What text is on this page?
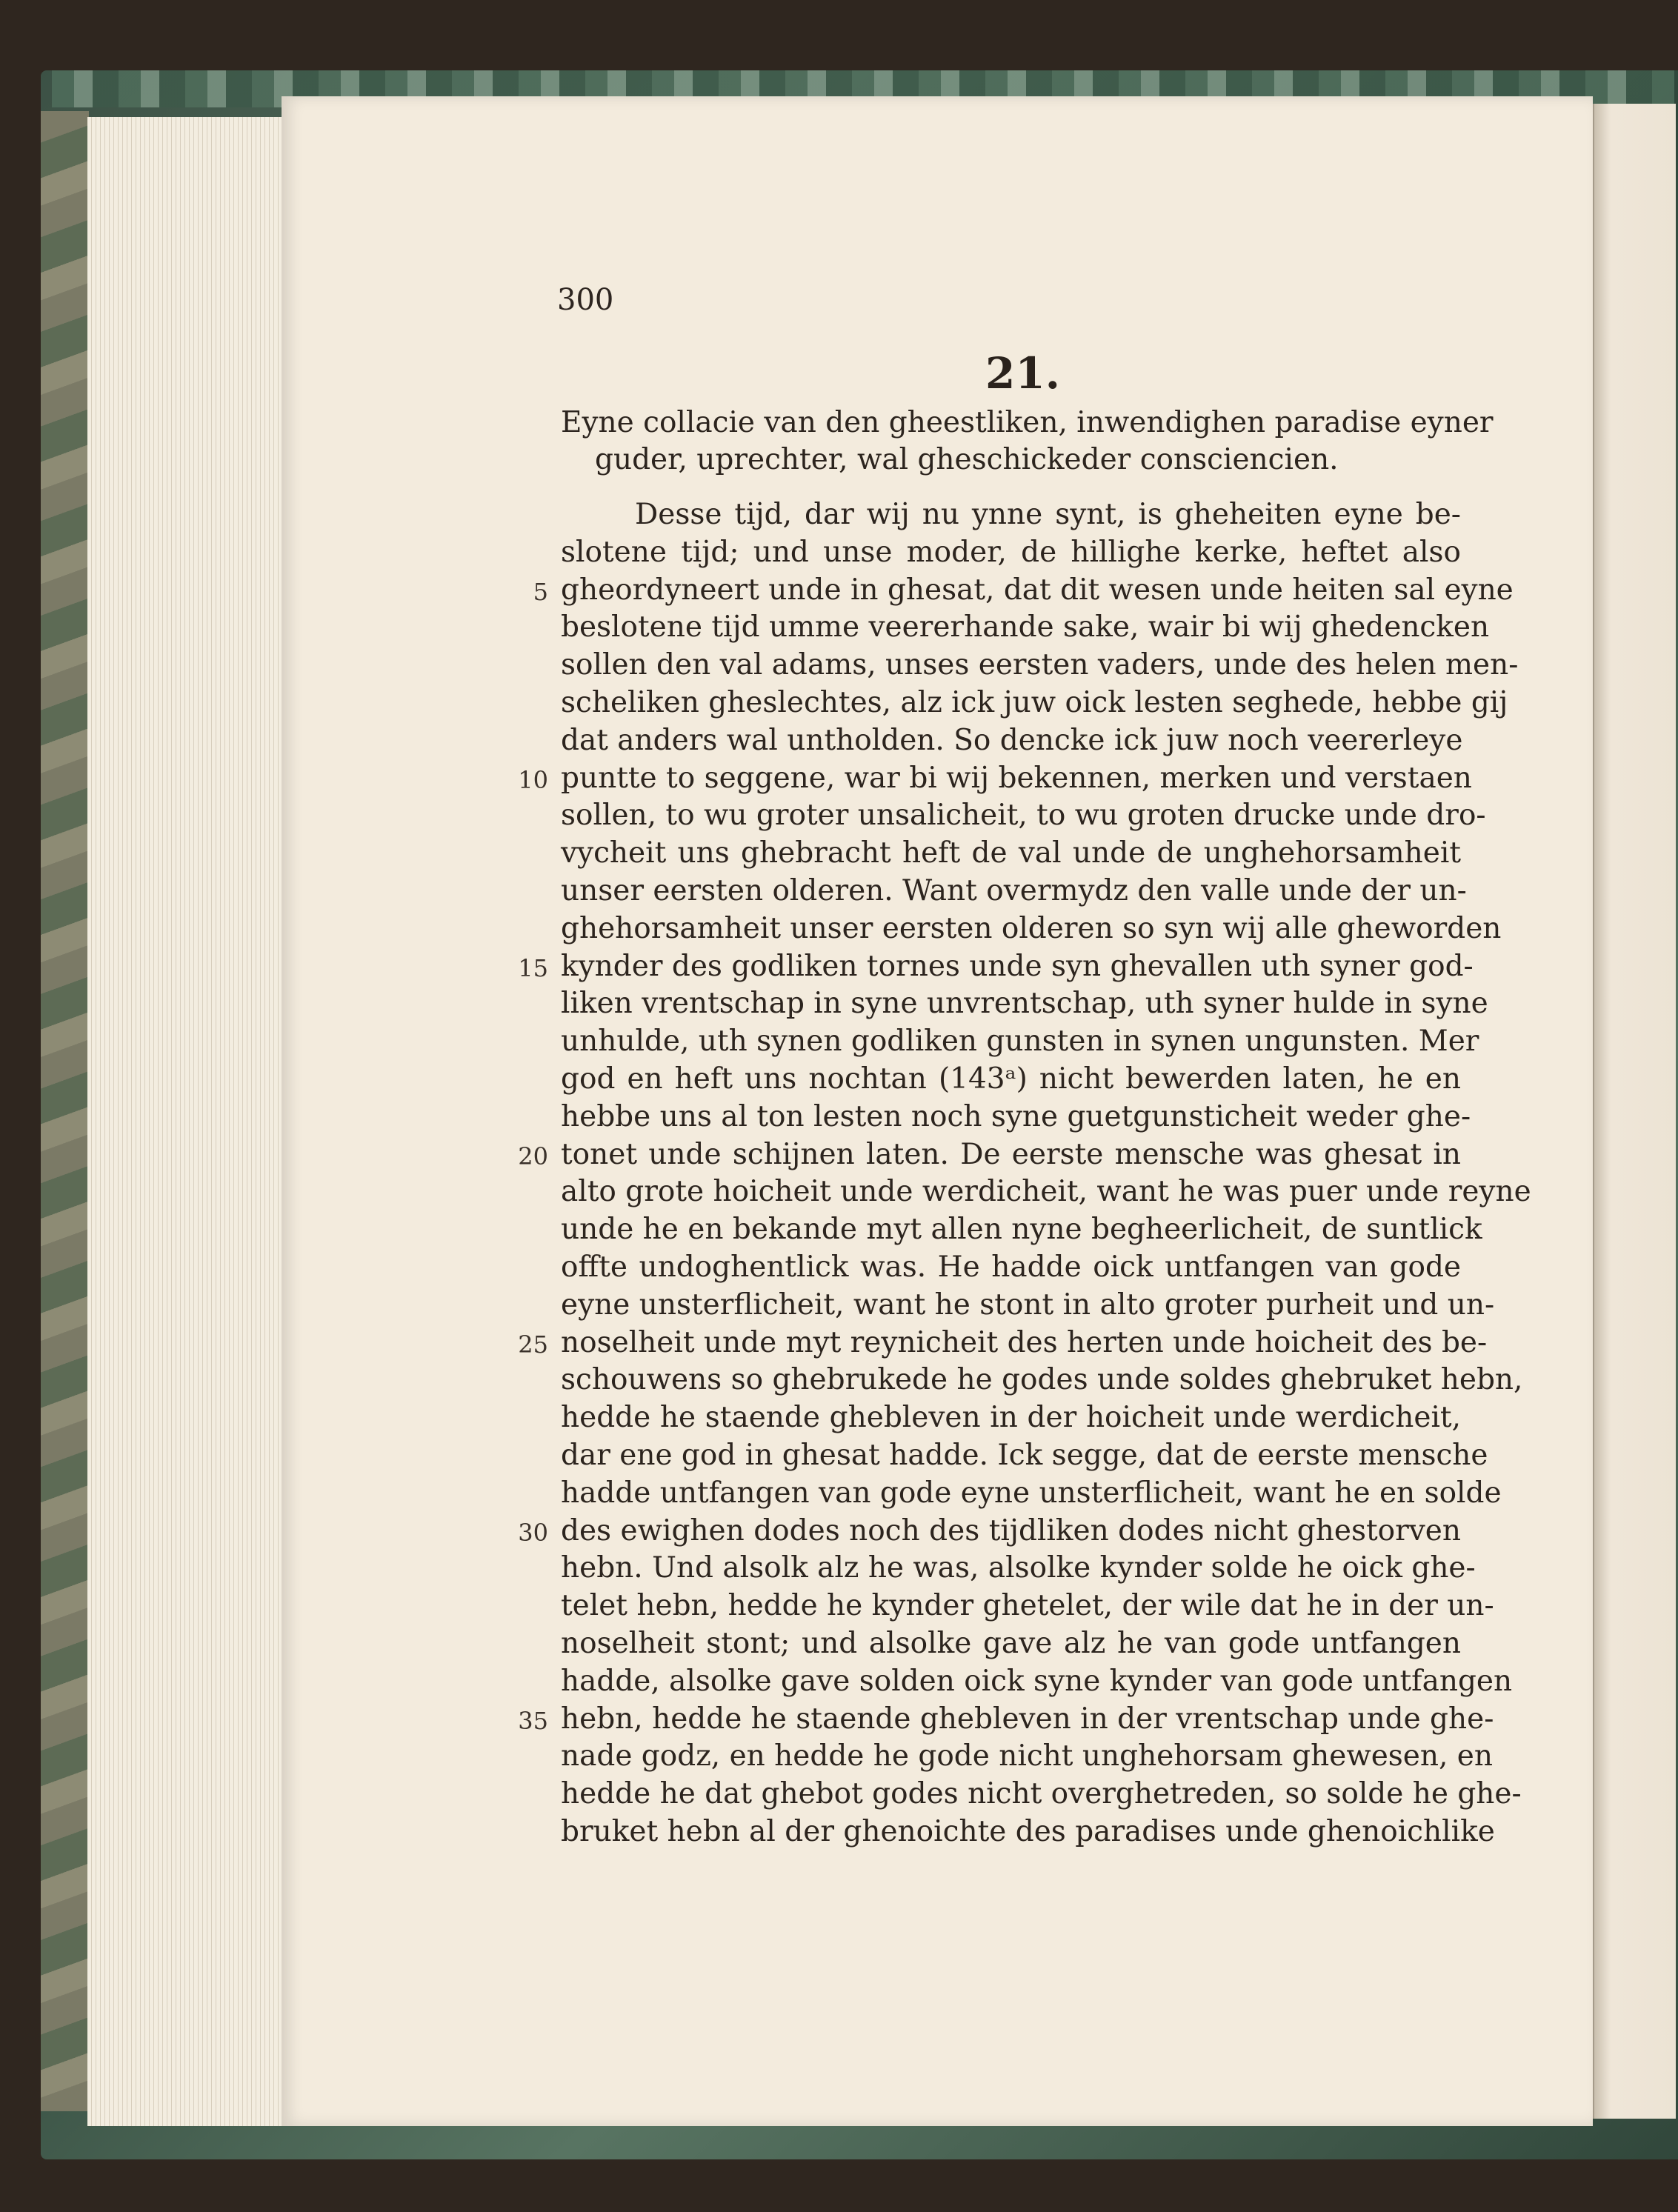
300
21.
Eyne collacie van den gheestliken, inwendighen paradise eyner
guder, uprechter, wal gheschickeder consciencien.
5
10
15
20
25
30
35
Desse tijd, dar wij nu ynne synt, is gheheiten eyne be-
slotene tijd; und unse moder, de hillighe kerke, heftet also
gheordyneert unde in ghesat, dat dit wesen unde heiten sal eyne
beslotene tijd umme veererhande sake, wair bi wij ghedencken
sollen den val adams, unses eersten vaders, unde des helen men-
scheliken gheslechtes, alz ick juw oick lesten seghede, hebbe gij
dat anders wal untholden. So dencke ick juw noch veererleye
puntte to seggene, war bi wij bekennen, merken und verstaen
sollen, to wu groter unsalicheit, to wu groten drucke unde dro-
vycheit uns ghebracht heft de val unde de unghehorsamheit
unser eersten olderen. Want overmydz den valle unde der un-
ghehorsamheit unser eersten olderen so syn wij alle gheworden
kynder des godliken tornes unde syn ghevallen uth syner god-
liken vrentschap in syne unvrentschap, uth syner hulde in syne
unhulde, uth synen godliken gunsten in synen ungunsten. Mer
god en heft uns nochtan (143ᵃ) nicht bewerden laten, he en
hebbe uns al ton lesten noch syne guetgunsticheit weder ghe-
tonet unde schijnen laten. De eerste mensche was ghesat in
alto grote hoicheit unde werdicheit, want he was puer unde reyne
unde he en bekande myt allen nyne begheerlicheit, de suntlick
offte undoghentlick was. He hadde oick untfangen van gode
eyne unsterflicheit, want he stont in alto groter purheit und un-
noselheit unde myt reynicheit des herten unde hoicheit des be-
schouwens so ghebrukede he godes unde soldes ghebruket hebn,
hedde he staende ghebleven in der hoicheit unde werdicheit,
dar ene god in ghesat hadde. Ick segge, dat de eerste mensche
hadde untfangen van gode eyne unsterflicheit, want he en solde
des ewighen dodes noch des tijdliken dodes nicht ghestorven
hebn. Und alsolk alz he was, alsolke kynder solde he oick ghe-
telet hebn, hedde he kynder ghetelet, der wile dat he in der un-
noselheit stont; und alsolke gave alz he van gode untfangen
hadde, alsolke gave solden oick syne kynder van gode untfangen
hebn, hedde he staende ghebleven in der vrentschap unde ghe-
nade godz, en hedde he gode nicht unghehorsam ghewesen, en
hedde he dat ghebot godes nicht overghetreden, so solde he ghe-
bruket hebn al der ghenoichte des paradises unde ghenoichlike
